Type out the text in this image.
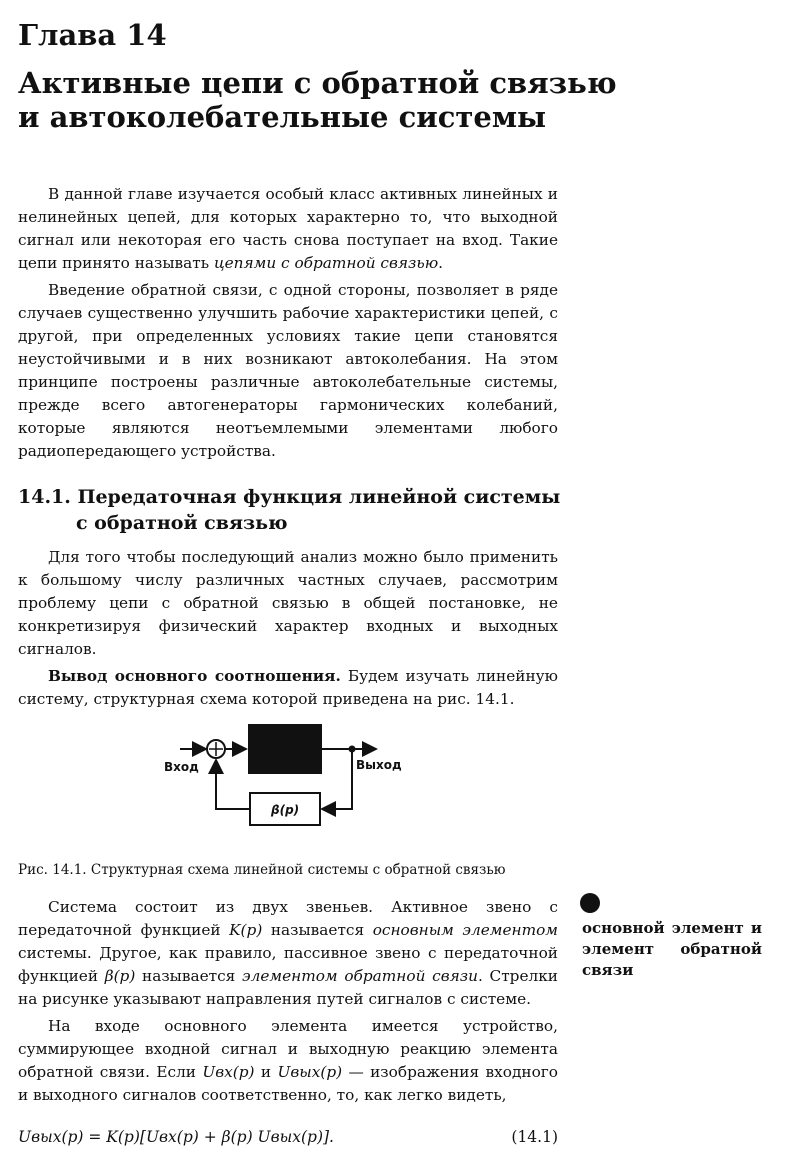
Глава 14
Активные цепи с обратной связью
и автоколебательные системы

В данной главе изучается особый класс активных линейных и нелинейных цепей, для которых характерно то, что выходной сигнал или некоторая его часть снова поступает на вход. Такие цепи принято называть цепями с обратной связью.

Введение обратной связи, с одной стороны, позволяет в ряде случаев существенно улучшить рабочие характеристики цепей, с другой, при определенных условиях такие цепи становятся неустойчивыми и в них возникают автоколебания. На этом принципе построены различные автоколебательные системы, прежде всего автогенераторы гармонических колебаний, которые являются неотъемлемыми элементами любого радиопередающего устройства.

14.1. Передаточная функция линейной системы
с обратной связью

Для того чтобы последующий анализ можно было применить к большому числу различных частных случаев, рассмотрим проблему цепи с обратной связью в общей постановке, не конкретизируя физический характер входных и выходных сигналов.

Вывод основного соотношения. Будем изучать линейную систему, структурная схема которой приведена на рис. 14.1.

Вход	Выход
β(p)
Рис. 14.1. Структурная схема линейной системы с обратной связью
основной элемент и элемент обратной связи

Система состоит из двух звеньев. Активное звено с передаточной функцией K(p) называется основным элементом системы. Другое, как правило, пассивное звено с передаточной функцией β(p) называется элементом обратной связи. Стрелки на рисунке указывают направления путей сигналов с системе.

На входе основного элемента имеется устройство, суммирующее входной сигнал и выходную реакцию элемента обратной связи. Если Uвх(p) и Uвых(p) — изображения входного и выходного сигналов соответственно, то, как легко видеть,

Uвых(p) = K(p)[Uвх(p) + β(p) Uвых(p)].	(14.1)
